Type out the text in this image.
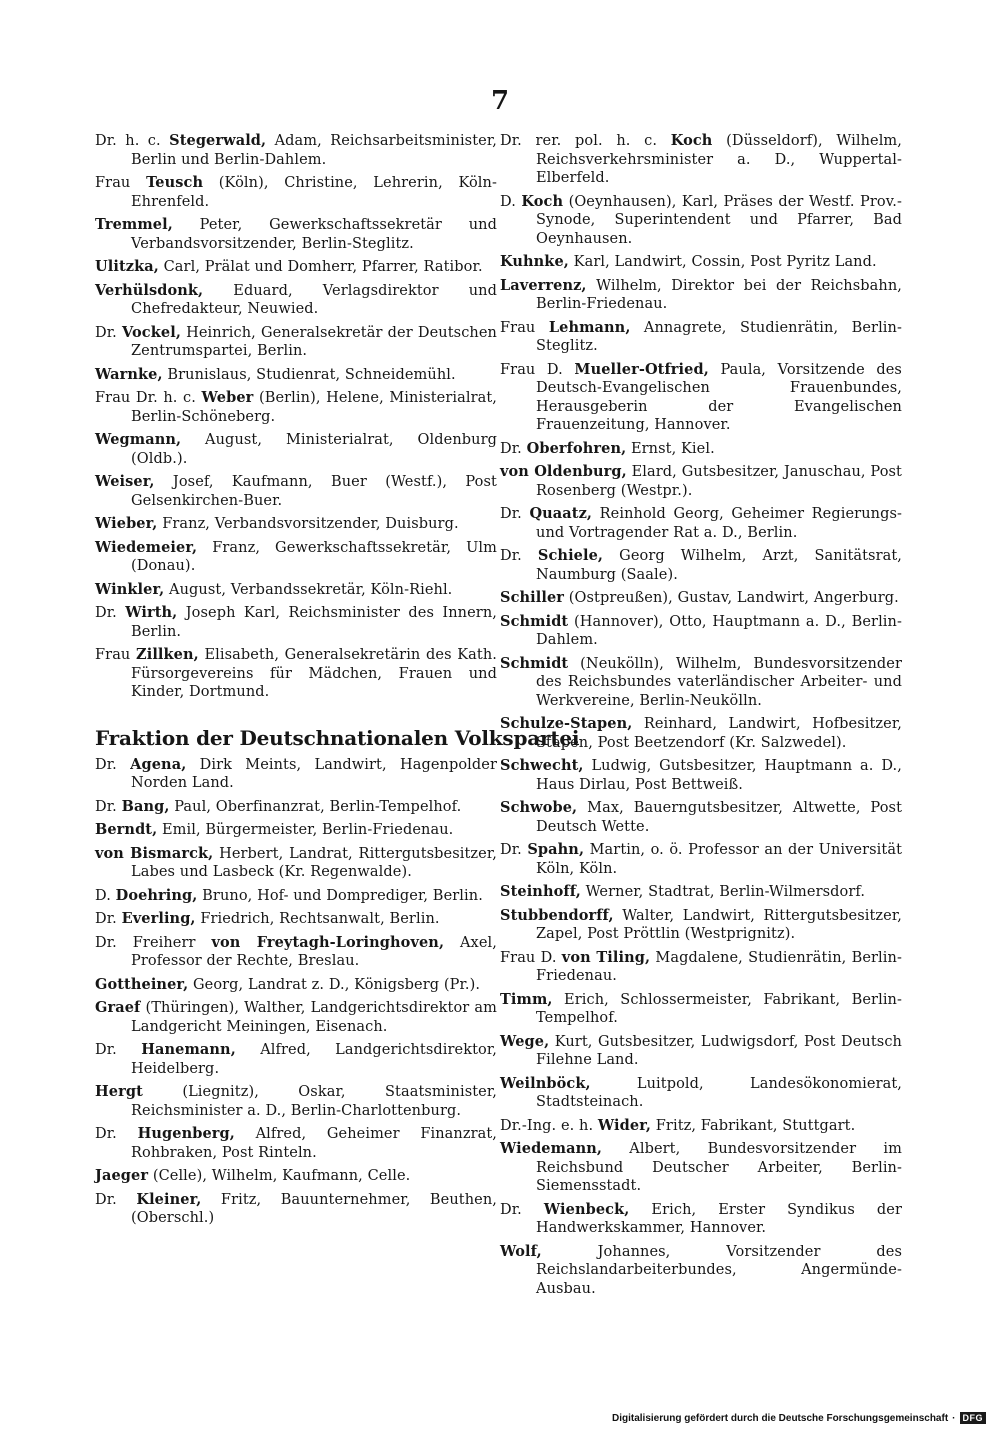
7
Dr. h. c. Stegerwald, Adam, Reichsarbeitsminister, Berlin und Berlin-Dahlem.
Frau Teusch (Köln), Christine, Lehrerin, Köln-Ehrenfeld.
Tremmel, Peter, Gewerkschaftssekretär und Verbandsvorsitzender, Berlin-Steglitz.
Ulitzka, Carl, Prälat und Domherr, Pfarrer, Ratibor.
Verhülsdonk, Eduard, Verlagsdirektor und Chefredakteur, Neuwied.
Dr. Vockel, Heinrich, Generalsekretär der Deutschen Zentrumspartei, Berlin.
Warnke, Brunislaus, Studienrat, Schneidemühl.
Frau Dr. h. c. Weber (Berlin), Helene, Ministerialrat, Berlin-Schöneberg.
Wegmann, August, Ministerialrat, Oldenburg (Oldb.).
Weiser, Josef, Kaufmann, Buer (Westf.), Post Gelsenkirchen-Buer.
Wieber, Franz, Verbandsvorsitzender, Duisburg.
Wiedemeier, Franz, Gewerkschaftssekretär, Ulm (Donau).
Winkler, August, Verbandssekretär, Köln-Riehl.
Dr. Wirth, Joseph Karl, Reichsminister des Innern, Berlin.
Frau Zillken, Elisabeth, Generalsekretärin des Kath. Fürsorgevereins für Mädchen, Frauen und Kinder, Dortmund.
Fraktion der Deutschnationalen Volkspartei
Dr. Agena, Dirk Meints, Landwirt, Hagenpolder Norden Land.
Dr. Bang, Paul, Oberfinanzrat, Berlin-Tempelhof.
Berndt, Emil, Bürgermeister, Berlin-Friedenau.
von Bismarck, Herbert, Landrat, Rittergutsbesitzer, Labes und Lasbeck (Kr. Regenwalde).
D. Doehring, Bruno, Hof- und Domprediger, Berlin.
Dr. Everling, Friedrich, Rechtsanwalt, Berlin.
Dr. Freiherr von Freytagh-Loringhoven, Axel, Professor der Rechte, Breslau.
Gottheiner, Georg, Landrat z. D., Königsberg (Pr.).
Graef (Thüringen), Walther, Landgerichtsdirektor am Landgericht Meiningen, Eisenach.
Dr. Hanemann, Alfred, Landgerichtsdirektor, Heidelberg.
Hergt	(Liegnitz), Oskar, Staatsminister, Reichsminister a. D., Berlin-Charlottenburg.
Dr. Hugenberg, Alfred, Geheimer Finanzrat, Rohbraken, Post Rinteln.
Jaeger (Celle), Wilhelm, Kaufmann, Celle.
Dr. Kleiner, Fritz, Bauunternehmer, Beuthen, (Oberschl.)
Dr. rer. pol. h. c. Koch (Düsseldorf), Wilhelm, Reichsverkehrsminister a. D., Wuppertal-Elberfeld.
D. Koch (Oeynhausen), Karl, Präses der Westf. Prov.-Synode, Superintendent und Pfarrer, Bad Oeynhausen.
Kuhnke, Karl, Landwirt, Cossin, Post Pyritz Land.
Laverrenz, Wilhelm, Direktor bei der Reichsbahn, Berlin-Friedenau.
Frau Lehmann, Annagrete, Studienrätin, Berlin-Steglitz.
Frau D. Mueller-Otfried, Paula, Vorsitzende des Deutsch-Evangelischen Frauenbundes, Herausgeberin der Evangelischen Frauenzeitung, Hannover.
Dr. Oberfohren, Ernst, Kiel.
von Oldenburg, Elard, Gutsbesitzer, Januschau, Post Rosenberg (Westpr.).
Dr. Quaatz, Reinhold Georg, Geheimer Regierungs- und Vortragender Rat a. D., Berlin.
Dr. Schiele, Georg Wilhelm, Arzt, Sanitätsrat, Naumburg (Saale).
Schiller (Ostpreußen), Gustav, Landwirt, Angerburg.
Schmidt (Hannover), Otto, Hauptmann a. D., Berlin-Dahlem.
Schmidt (Neukölln), Wilhelm, Bundesvorsitzender des Reichsbundes vaterländischer Arbeiter- und Werkvereine, Berlin-Neukölln.
Schulze-Stapen, Reinhard, Landwirt, Hofbesitzer, Stapen, Post Beetzendorf (Kr. Salzwedel).
Schwecht, Ludwig, Gutsbesitzer, Hauptmann a. D., Haus Dirlau, Post Bettweiß.
Schwobe, Max, Bauerngutsbesitzer, Altwette, Post Deutsch Wette.
Dr. Spahn, Martin, o. ö. Professor an der Universität Köln, Köln.
Steinhoff, Werner, Stadtrat, Berlin-Wilmersdorf.
Stubbendorff, Walter, Landwirt, Rittergutsbesitzer, Zapel, Post Pröttlin (Westprignitz).
Frau D. von Tiling, Magdalene, Studienrätin, Berlin-Friedenau.
Timm, Erich, Schlossermeister, Fabrikant, Berlin-Tempelhof.
Wege, Kurt, Gutsbesitzer, Ludwigsdorf, Post Deutsch Filehne Land.
Weilnböck,	Luitpold, Landesökonomierat, Stadtsteinach.
Dr.-Ing. e. h. Wider, Fritz, Fabrikant, Stuttgart.
Wiedemann, Albert, Bundesvorsitzender im Reichsbund Deutscher Arbeiter, Berlin-Siemensstadt.
Dr. Wienbeck, Erich, Erster Syndikus der Handwerkskammer, Hannover.
Wolf,	Johannes, Vorsitzender des Reichslandarbeiterbundes, Angermünde-Ausbau.
Digitalisierung gefördert durch die Deutsche Forschungsgemeinschaft · DFG
